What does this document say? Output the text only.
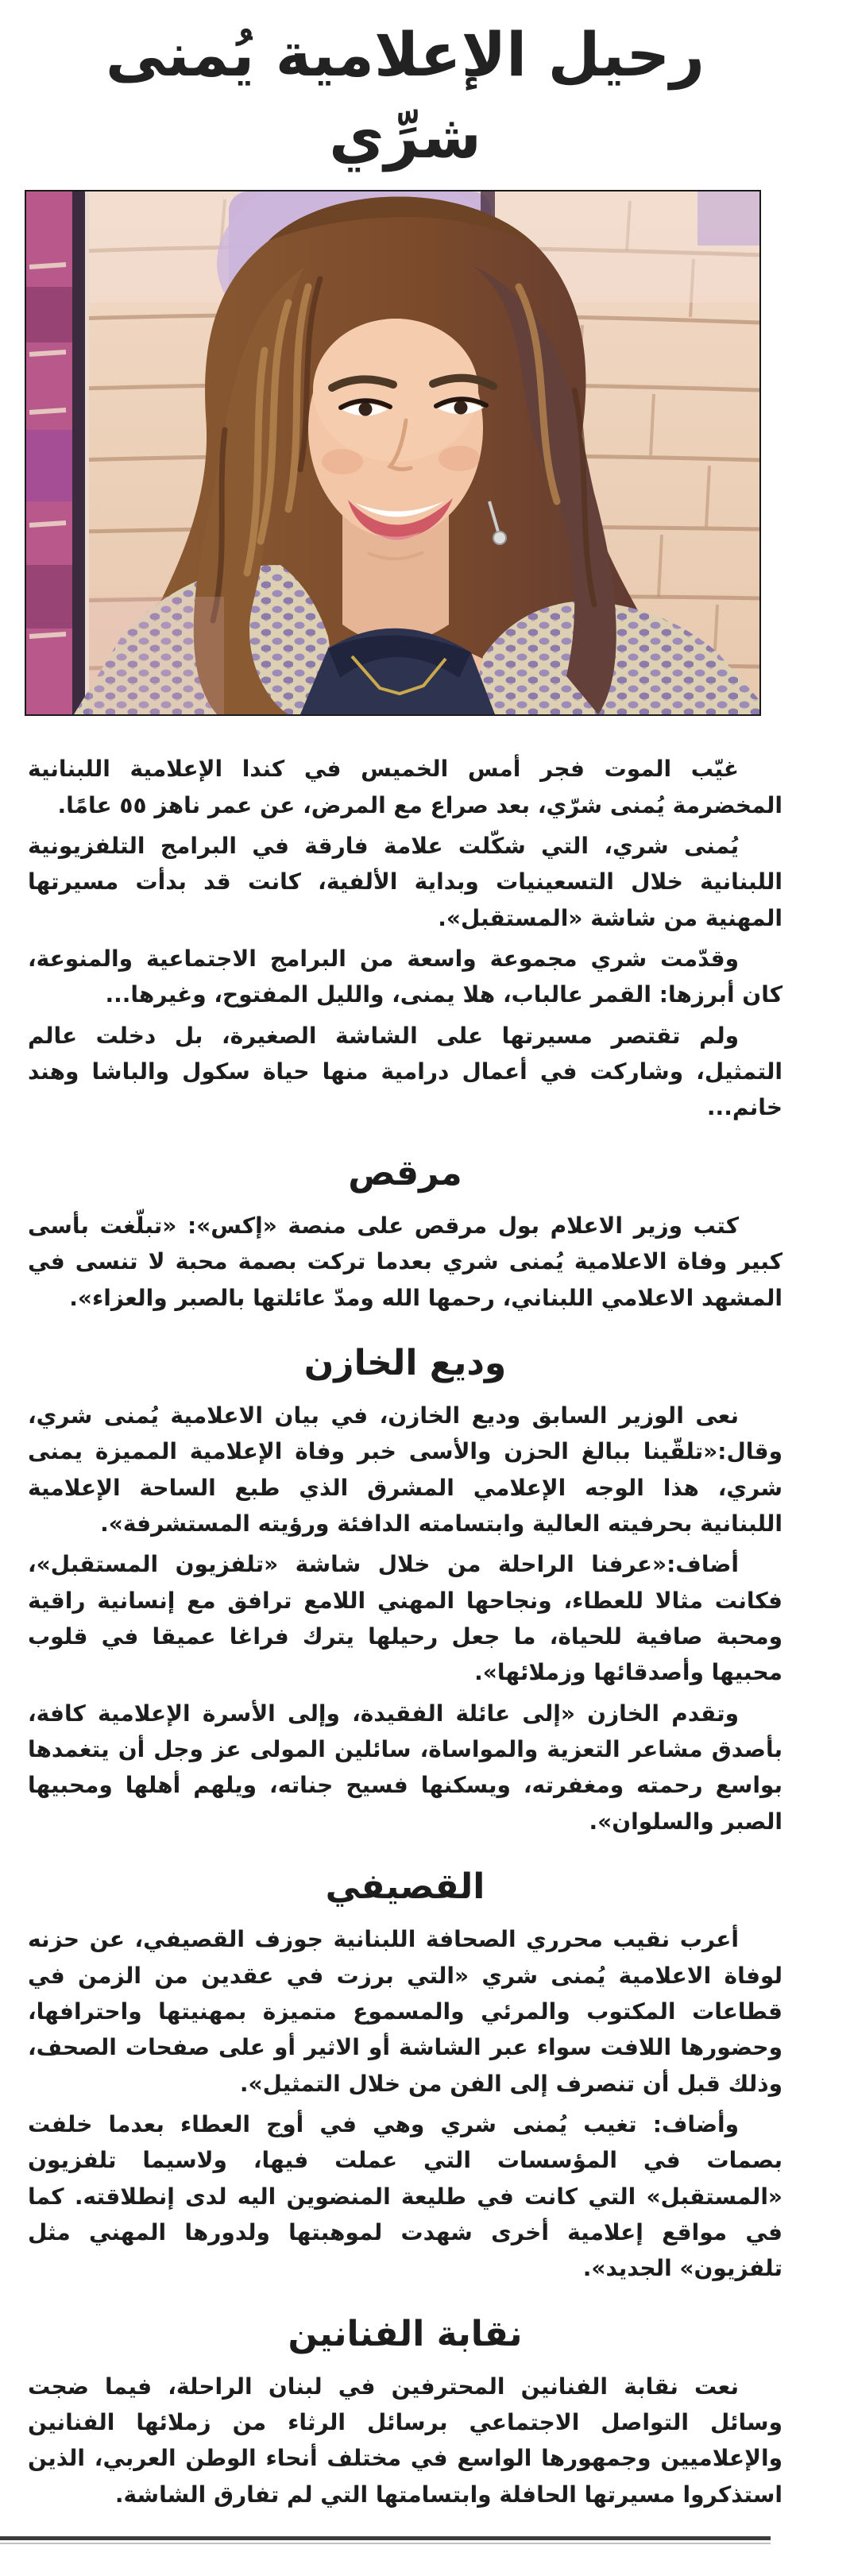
رحيل الإعلامية يُمنى شرِّي

غيّب الموت فجر أمس الخميس في كندا الإعلامية اللبنانية المخضرمة يُمنى شرّي، بعد صراع مع المرض، عن عمر ناهز ٥٥ عامًا.

يُمنى شري، التي شكّلت علامة فارقة في البرامج التلفزيونية اللبنانية خلال التسعينيات وبداية الألفية، كانت قد بدأت مسيرتها المهنية من شاشة «المستقبل».

وقدّمت شري مجموعة واسعة من البرامج الاجتماعية والمنوعة، كان أبرزها: القمر عالباب، هلا يمنى، والليل المفتوح، وغيرها...

ولم تقتصر مسيرتها على الشاشة الصغيرة، بل دخلت عالم التمثيل، وشاركت في أعمال درامية منها حياة سكول والباشا وهند خانم...

مرقص

كتب وزير الاعلام بول مرقص على منصة «إكس»: «تبلّغت بأسى كبير وفاة الاعلامية يُمنى شري بعدما تركت بصمة محبة لا تنسى في المشهد الاعلامي اللبناني، رحمها الله ومدّ عائلتها بالصبر والعزاء».

وديع الخازن

نعى الوزير السابق وديع الخازن، في بيان الاعلامية يُمنى شري، وقال:«تلقّينا ببالغ الحزن والأسى خبر وفاة الإعلامية المميزة يمنى شري، هذا الوجه الإعلامي المشرق الذي طبع الساحة الإعلامية اللبنانية بحرفيته العالية وابتسامته الدافئة ورؤيته المستشرفة».

أضاف:«عرفنا الراحلة من خلال شاشة «تلفزيون المستقبل»، فكانت مثالا للعطاء، ونجاحها المهني اللامع ترافق مع إنسانية راقية ومحبة صافية للحياة، ما جعل رحيلها يترك فراغا عميقا في قلوب محبيها وأصدقائها وزملائها».

وتقدم الخازن «إلى عائلة الفقيدة، وإلى الأسرة الإعلامية كافة، بأصدق مشاعر التعزية والمواساة، سائلين المولى عز وجل أن يتغمدها بواسع رحمته ومغفرته، ويسكنها فسيح جناته، ويلهم أهلها ومحبيها الصبر والسلوان».

القصيفي

أعرب نقيب محرري الصحافة اللبنانية جوزف القصيفي، عن حزنه لوفاة الاعلامية يُمنى شري «التي برزت في عقدين من الزمن في قطاعات المكتوب والمرئي والمسموع متميزة بمهنيتها واحترافها، وحضورها اللافت سواء عبر الشاشة أو الاثير أو على صفحات الصحف، وذلك قبل أن تنصرف إلى الفن من خلال التمثيل».

وأضاف: تغيب يُمنى شري وهي في أوج العطاء بعدما خلفت بصمات في المؤسسات التي عملت فيها، ولاسيما تلفزيون «المستقبل» التي كانت في طليعة المنضوين اليه لدى إنطلاقته. كما في مواقع إعلامية أخرى شهدت لموهبتها ولدورها المهني مثل تلفزيون» الجديد».

نقابة الفنانين

نعت نقابة الفنانين المحترفين في لبنان الراحلة، فيما ضجت وسائل التواصل الاجتماعي برسائل الرثاء من زملائها الفنانين والإعلاميين وجمهورها الواسع في مختلف أنحاء الوطن العربي، الذين استذكروا مسيرتها الحافلة وابتسامتها التي لم تفارق الشاشة.
